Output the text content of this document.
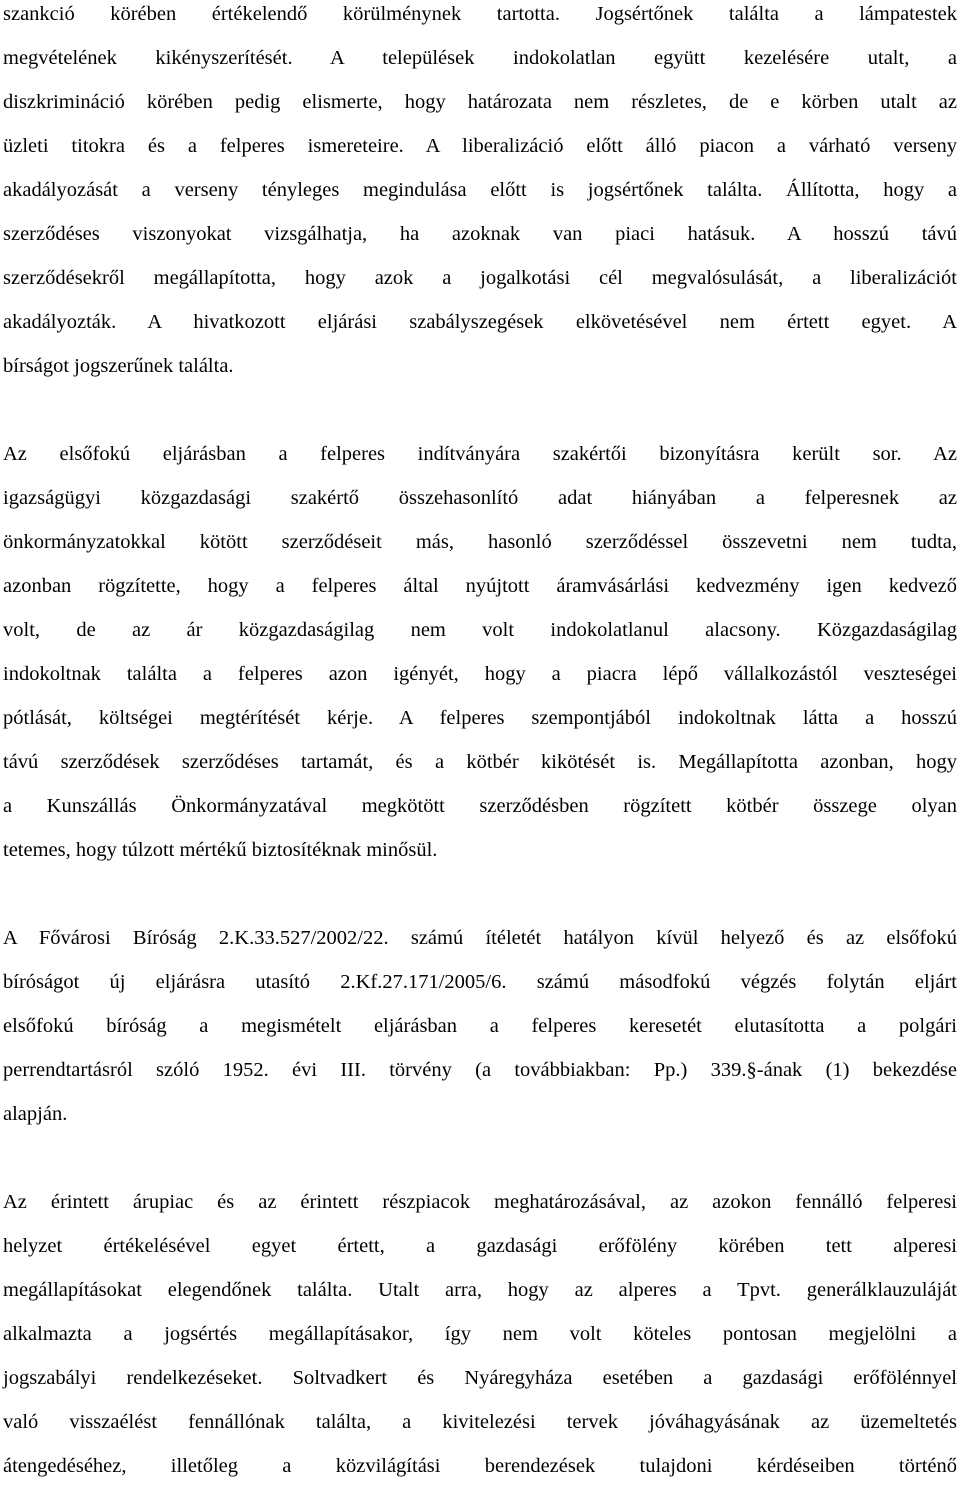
szankció körében értékelendő körülménynek tartotta. Jogsértőnek találta a lámpatestek
megvételének kikényszerítését. A települések indokolatlan együtt kezelésére utalt, a
diszkrimináció körében pedig elismerte, hogy határozata nem részletes, de e körben utalt az
üzleti titokra és a felperes ismereteire. A liberalizáció előtt álló piacon a várható verseny
akadályozását a verseny tényleges megindulása előtt is jogsértőnek találta. Állította, hogy a
szerződéses viszonyokat vizsgálhatja, ha azoknak van piaci hatásuk. A hosszú távú
szerződésekről megállapította, hogy azok a jogalkotási cél megvalósulását, a liberalizációt
akadályozták. A hivatkozott eljárási szabályszegések elkövetésével nem értett egyet. A
bírságot jogszerűnek találta.
Az elsőfokú eljárásban a felperes indítványára szakértői bizonyításra került sor. Az
igazságügyi közgazdasági szakértő összehasonlító adat hiányában a felperesnek az
önkormányzatokkal kötött szerződéseit más, hasonló szerződéssel összevetni nem tudta,
azonban rögzítette, hogy a felperes által nyújtott áramvásárlási kedvezmény igen kedvező
volt, de az ár közgazdaságilag nem volt indokolatlanul alacsony. Közgazdaságilag
indokoltnak találta a felperes azon igényét, hogy a piacra lépő vállalkozástól veszteségei
pótlását, költségei megtérítését kérje. A felperes szempontjából indokoltnak látta a hosszú
távú szerződések szerződéses tartamát, és a kötbér kikötését is. Megállapította azonban, hogy
a Kunszállás Önkormányzatával megkötött szerződésben rögzített kötbér összege olyan
tetemes, hogy túlzott mértékű biztosítéknak minősül.
A Fővárosi Bíróság 2.K.33.527/2002/22. számú ítéletét hatályon kívül helyező és az elsőfokú
bíróságot új eljárásra utasító 2.Kf.27.171/2005/6. számú másodfokú végzés folytán eljárt
elsőfokú bíróság a megismételt eljárásban a felperes keresetét elutasította a polgári
perrendtartásról szóló 1952. évi III. törvény (a továbbiakban: Pp.) 339.§-ának (1) bekezdése
alapján.
Az érintett árupiac és az érintett részpiacok meghatározásával, az azokon fennálló felperesi
helyzet értékelésével egyet értett, a gazdasági erőfölény körében tett alperesi
megállapításokat elegendőnek találta. Utalt arra, hogy az alperes a Tpvt. generálklauzuláját
alkalmazta a jogsértés megállapításakor, így nem volt köteles pontosan megjelölni a
jogszabályi rendelkezéseket. Soltvadkert és Nyáregyháza esetében a gazdasági erőfölénnyel
való visszaélést fennállónak találta, a kivitelezési tervek jóváhagyásának az üzemeltetés
átengedéséhez, illetőleg a közvilágítási berendezések tulajdoni kérdéseiben történő
